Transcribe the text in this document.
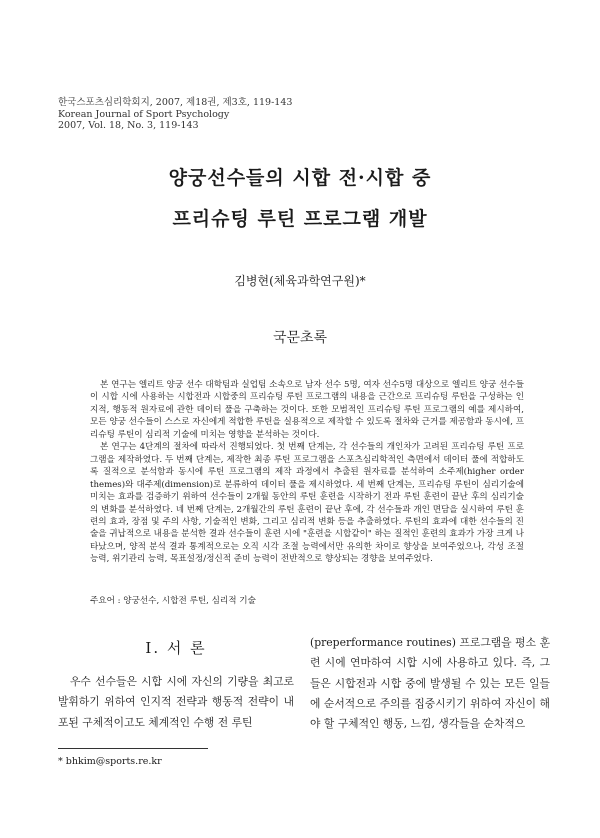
한국스포츠심리학회지, 2007, 제18권, 제3호, 119-143
Korean Journal of Sport Psychology
2007, Vol. 18, No. 3, 119-143
양궁선수들의 시합 전·시합 중
프리슈팅 루틴 프로그램 개발
김병현(체육과학연구원)*
국문초록

본 연구는 엘리트 양궁 선수 대학팀과 실업팀 소속으로 남자 선수 5명, 여자 선수5명 대상으로 엘리트 양궁 선수들이 시합 시에 사용하는 시합전과 시합중의 프리슈팅 루틴 프로그램의 내용을 근간으로 프리슈팅 루틴을 구성하는 인지적, 행동적 원자료에 관한 데이터 풀을 구축하는 것이다. 또한 모범적인 프리슈팅 루틴 프로그램의 예를 제시하여, 모든 양궁 선수들이 스스로 자신에게 적합한 루틴을 실용적으로 제작할 수 있도록 절차와 근거를 제공함과 동시에, 프리슈팅 루틴이 심리적 기술에 미치는 영향을 분석하는 것이다.

본 연구는 4단계의 절차에 따라서 진행되었다. 첫 번째 단계는, 각 선수들의 개인차가 고려된 프리슈팅 루틴 프로그램을 제작하였다. 두 번째 단계는, 제작한 최종 루틴 프로그램을 스포츠심리학적인 측면에서 데이터 풀에 적합하도록 질적으로 분석함과 동시에 루틴 프로그램의 제작 과정에서 추출된 원자료를 분석하여 소주제(higher order themes)와 대주제(dimension)로 분류하여 데이터 풀을 제시하였다. 세 번째 단계는, 프리슈팅 루틴이 심리기술에 미치는 효과를 검증하기 위하여 선수들이 2개월 동안의 루틴 훈련을 시작하기 전과 루틴 훈련이 끝난 후의 심리기술의 변화를 분석하였다. 네 번째 단계는, 2개월간의 루틴 훈련이 끝난 후에, 각 선수들과 개인 면담을 실시하여 루틴 훈련의 효과, 장점 및 주의 사항, 기술적인 변화, 그리고 심리적 변화 등을 추출하였다. 루틴의 효과에 대한 선수들의 진술을 귀납적으로 내용을 분석한 결과 선수들이 훈련 시에 "훈련을 시합같이" 하는 질적인 훈련의 효과가 가장 크게 나타났으며, 양적 분석 결과 통계적으로는 오직 시각 조절 능력에서만 유의한 차이로 향상을 보여주었으나, 각성 조절 능력, 위기관리 능력, 목표설정/정신적 준비 능력이 전반적으로 향상되는 경향을 보여주었다.

주요어 : 양궁선수, 시합전 루틴, 심리적 기술
Ⅰ. 서 론

우수 선수들은 시합 시에 자신의 기량을 최고로 발휘하기 위하여 인지적 전략과 행동적 전략이 내포된 구체적이고도 체계적인 수행 전 루틴

(preperformance routines) 프로그램을 평소 훈련 시에 연마하여 시합 시에 사용하고 있다. 즉, 그들은 시합전과 시합 중에 발생될 수 있는 모든 일들에 순서적으로 주의를 집중시키기 위하여 자신이 해야 할 구체적인 행동, 느낌, 생각들을 순차적으

* bhkim@sports.re.kr
